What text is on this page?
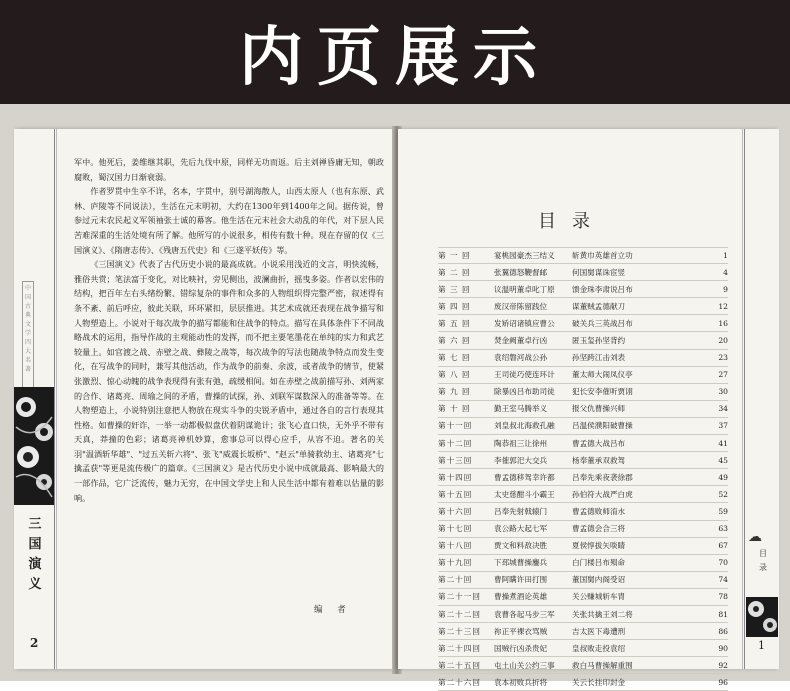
内页展示
中国古典文学四大名著
三国演义
2

军中。他死后，姜维继其职，先后九伐中原，同样无功而返。后主刘禅昏庸无知，朝政腐败，蜀汉国力日渐衰弱。

作者罗贯中生卒不详，名本，字贯中，别号湖海散人，山西太原人（也有东原、武林、庐陵等不同说法），生活在元末明初，大约在1300年到1400年之间。据传说，曾参过元末农民起义军领袖张士诚的幕客。他生活在元末社会大动乱的年代，对下层人民苦难深重的生活处境有所了解。他所写的小说很多，相传有数十种。现在存留的仅《三国演义》、《隋唐志传》、《残唐五代史》和《三遂平妖传》等。

《三国演义》代表了古代历史小说的最高成就。小说采用浅近的文言，明快流畅，雅俗共赏；笔法富于变化，对比映衬，旁见侧出，波澜曲折，摇曳多姿。作者以宏伟的结构，把百年左右头绪纷繁、错综复杂的事件和众多的人物组织得完整严密，叙述得有条不紊、前后呼应，彼此关联，环环紧扣，层层推进。其艺术成就还表现在战争描写和人物塑造上。小说对于每次战争的描写都能和住战争的特点。描写在具体条件下不同战略战术的运用，指导作战的主观能动性的发挥，而不把主要笔墨花在单纯的实力和武艺较量上。如官渡之战、赤壁之战、彝陵之战等，每次战争的写法也随战争特点而发生变化，在写战争的同时，兼写其他活动，作为战争的前奏、余波，或者战争的情节，使紧张激烈、惊心动魄的战争表现得有张有弛，疏缓相间。如在赤壁之战前描写孙、刘两家的合作、诸葛亮、周瑜之间的矛盾，曹操的试探，孙、刘联军谋数深入的准备等等。在人物塑造上，小说特别注意把人物放在现实斗争的尖锐矛盾中，通过各自的言行表现其性格。如曹操的奸诈，一举一动都极似盘伏着阴谋诡计；张飞心直口快，无外乎不带有天真，莽撞的色彩；诸葛亮神机妙算，愈事总可以得心应手，从容不迫。著名的关羽"温酒斩华雄"、"过五关斩六将"、张飞"威震长坂桥"、"赵云"单骑救幼主、诸葛亮"七擒孟获"等更是流传极广的篇章。《三国演义》是古代历史小说中成就最高、影响最大的一部作品，它广泛流传，魅力无穷，在中国文学史上和人民生活中都有着难以估量的影响。

编 者
目录
第 一 回	宴桃园豪杰三结义	斩黄巾英雄首立功	1
第 二 回	张翼德怒鞭督邮	何国舅谋诛宦竖	4
第 三 回	议温明董卓叱丁原	馈金珠李肃说吕布	9
第 四 回	废汉帝陈留践位	谋董贼孟德献刀	12
第 五 回	发矫诏诸镇应曹公	破关兵三英战吕布	16
第 六 回	焚金阙董卓行凶	匿玉玺孙坚背约	20
第 七 回	袁绍磐河战公孙	孙坚跨江击刘表	23
第 八 回	王司徒巧使连环计	董太师大闹凤仪亭	27
第 九 回	除暴凶吕布助司徒	犯长安李傕听贾诩	30
第 十 回	勤王室马腾举义	报父仇曹操兴师	34
第十一回	刘皇叔北海救孔融	吕温侯濮阳破曹操	37
第十二回	陶恭祖三让徐州	曹孟德大战吕布	41
第十三回	李傕郭汜大交兵	杨奉董承双救驾	45
第十四回	曹孟德移驾幸许都	吕奉先乘夜袭徐郡	49
第十五回	太史慈酣斗小霸王	孙伯符大战严白虎	52
第十六回	吕奉先射戟辕门	曹孟德败师淯水	59
第十七回	袁公路大起七军	曹孟德会合三将	63
第十八回	贾文和料敌决胜	夏侯惇拔矢啖睛	67
第十九回	下邳城曹操鏖兵	白门楼吕布殒命	70
第二十回	曹阿瞒许田打围	董国舅内阁受诏	74
第二十一回	曹操煮酒论英雄	关公赚城斩车胄	78
第二十二回	袁曹各起马步三军	关张共擒王刘二将	81
第二十三回	祢正平裸衣骂贼	吉太医下毒遭刑	86
第二十四回	国贼行凶杀贵妃	皇叔败走投袁绍	90
第二十五回	屯土山关公约三事	救白马曹操解重围	92
第二十六回	袁本初败兵折将	关云长挂印封金	96
☁
目录
1
